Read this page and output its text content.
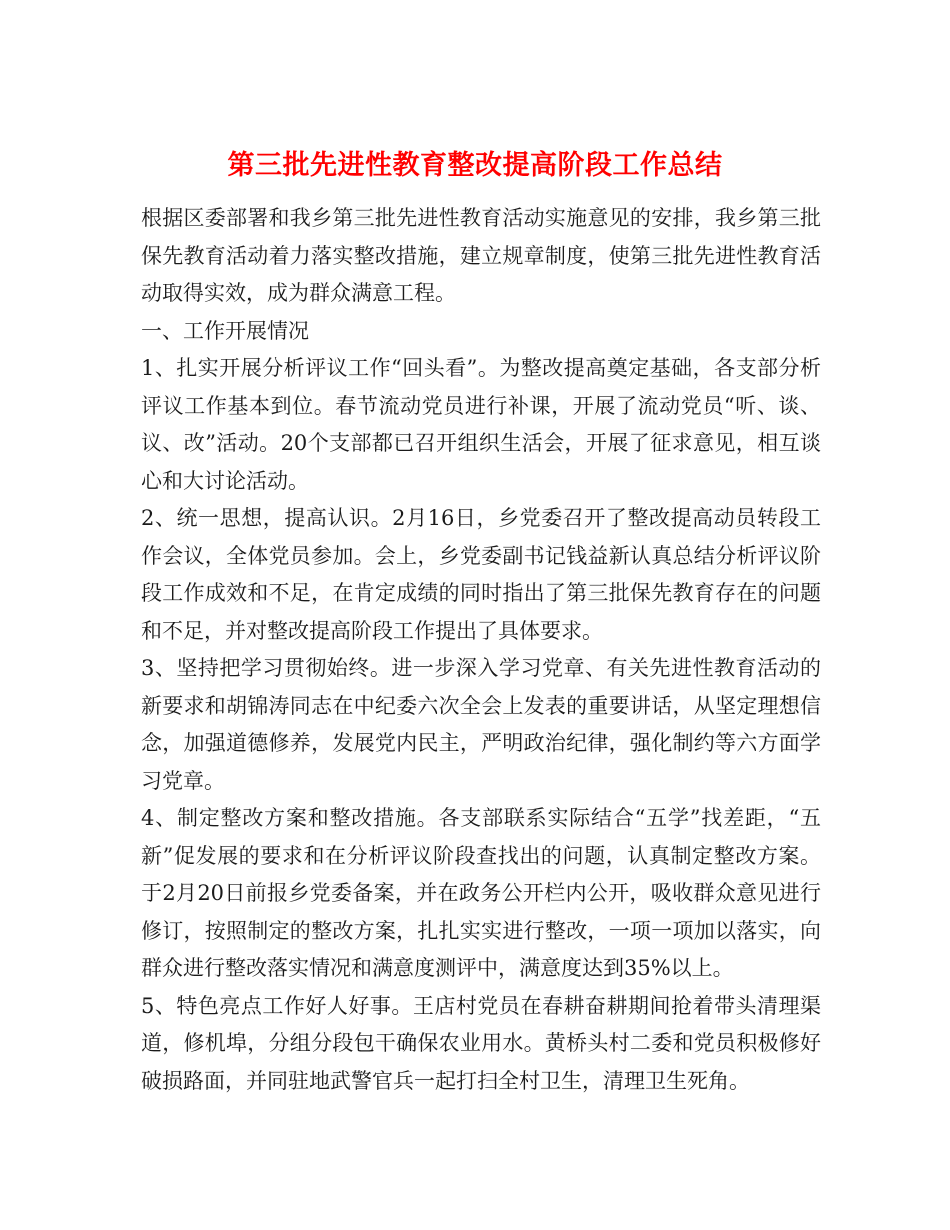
第三批先进性教育整改提高阶段工作总结

根据区委部署和我乡第三批先进性教育活动实施意见的安排，我乡第三批保先教育活动着力落实整改措施，建立规章制度，使第三批先进性教育活动取得实效，成为群众满意工程。

一、工作开展情况

1、扎实开展分析评议工作“回头看”。为整改提高奠定基础，各支部分析评议工作基本到位。春节流动党员进行补课，开展了流动党员“听、谈、议、改”活动。20个支部都已召开组织生活会，开展了征求意见，相互谈心和大讨论活动。

2、统一思想，提高认识。2月16日，乡党委召开了整改提高动员转段工作会议，全体党员参加。会上，乡党委副书记钱益新认真总结分析评议阶段工作成效和不足，在肯定成绩的同时指出了第三批保先教育存在的问题和不足，并对整改提高阶段工作提出了具体要求。

3、坚持把学习贯彻始终。进一步深入学习党章、有关先进性教育活动的新要求和胡锦涛同志在中纪委六次全会上发表的重要讲话，从坚定理想信念，加强道德修养，发展党内民主，严明政治纪律，强化制约等六方面学习党章。

4、制定整改方案和整改措施。各支部联系实际结合“五学”找差距，“五新”促发展的要求和在分析评议阶段查找出的问题，认真制定整改方案。于2月20日前报乡党委备案，并在政务公开栏内公开，吸收群众意见进行修订，按照制定的整改方案，扎扎实实进行整改，一项一项加以落实，向群众进行整改落实情况和满意度测评中，满意度达到35%以上。

5、特色亮点工作好人好事。王店村党员在春耕奋耕期间抢着带头清理渠道，修机埠，分组分段包干确保农业用水。黄桥头村二委和党员积极修好破损路面，并同驻地武警官兵一起打扫全村卫生，清理卫生死角。
